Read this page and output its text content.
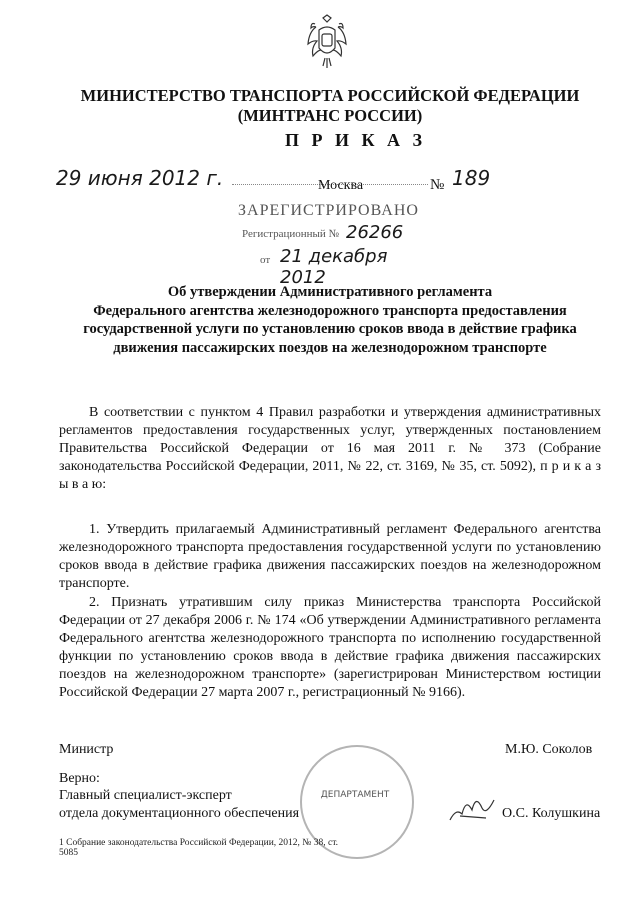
МИНИСТЕРСТВО ТРАНСПОРТА РОССИЙСКОЙ ФЕДЕРАЦИИ
(МИНТРАНС РОССИИ)
П Р И К А З
29 июня 2012 г.	Москва	№ 189
ЗАРЕГИСТРИРОВАНО
Регистрационный № 26266
от 21 декабря 2012
Об утверждении Административного регламента
Федерального агентства железнодорожного транспорта предоставления
государственной услуги по установлению сроков ввода в действие графика
движения пассажирских поездов на железнодорожном транспорте
В соответствии с пунктом 4 Правил разработки и утверждения административных регламентов предоставления государственных услуг, утвержденных постановлением Правительства Российской Федерации от 16 мая 2011 г. № 373 (Собрание законодательства Российской Федерации, 2011, № 22, ст. 3169, № 35, ст. 5092), п р и к а з ы в а ю:
1. Утвердить прилагаемый Административный регламент Федерального агентства железнодорожного транспорта предоставления государственной услуги по установлению сроков ввода в действие графика движения пассажирских поездов на железнодорожном транспорте.
2. Признать утратившим силу приказ Министерства транспорта Российской Федерации от 27 декабря 2006 г. № 174 «Об утверждении Административного регламента Федерального агентства железнодорожного транспорта по исполнению государственной функции по установлению сроков ввода в действие графика движения пассажирских поездов на железнодорожном транспорте» (зарегистрирован Министерством юстиции Российской Федерации 27 марта 2007 г., регистрационный № 9166).
Министр	М.Ю. Соколов
ДЕПАРТАМЕНТ
Верно:
Главный специалист-эксперт
отдела документационного обеспечения	О.С. Колушкина
1 Собрание законодательства Российской Федерации, 2012, № 38, ст. 5085
